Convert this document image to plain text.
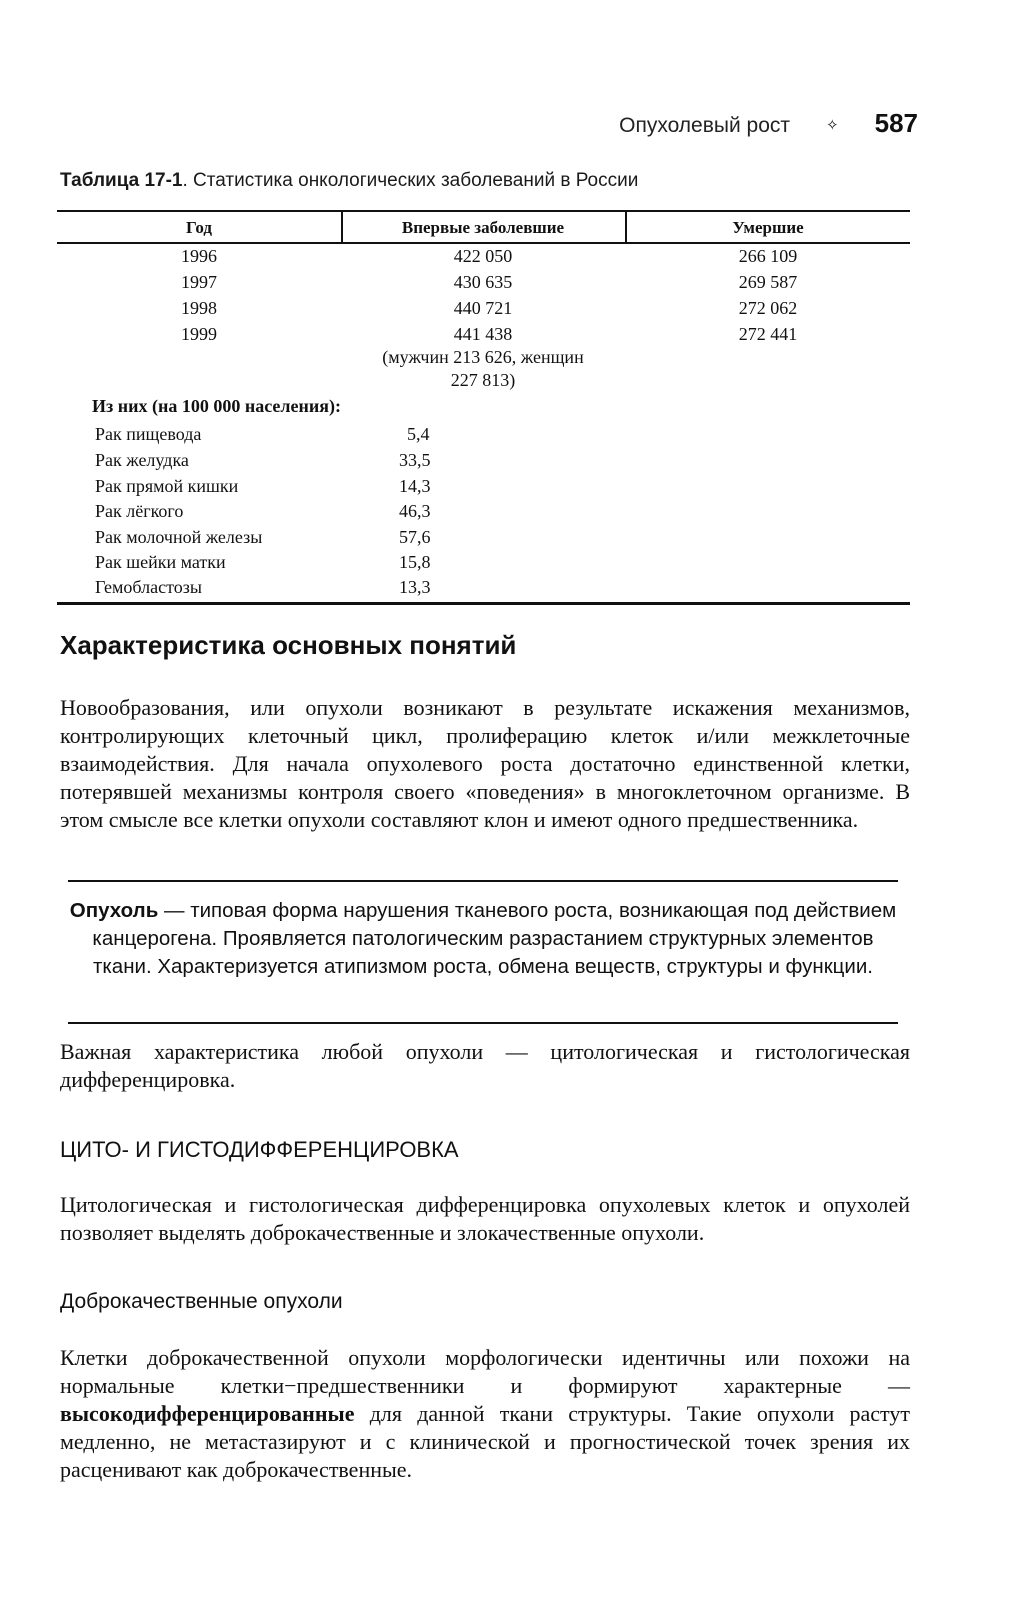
Опухолевый рост ✧ 587
Таблица 17-1. Статистика онкологических заболеваний в России
Год	Впервые заболевшие	Умершие
1996	422 050	266 109
1997	430 635	269 587
1998	440 721	272 062
1999	441 438	272 441
(мужчин 213 626, женщин
227 813)
Из них (на 100 000 населения):
Рак пищевода	5,4
Рак желудка	33,5
Рак прямой кишки	14,3
Рак лёгкого	46,3
Рак молочной железы	57,6
Рак шейки матки	15,8
Гемобластозы	13,3
Характеристика основных понятий
Новообразования, или опухоли возникают в результате искажения механизмов, контролирующих клеточный цикл, пролиферацию клеток и/или межклеточные взаимодействия. Для начала опухолевого роста достаточно единственной клетки, потерявшей механизмы контроля своего «поведения» в многоклеточном организме. В этом смысле все клетки опухоли составляют клон и имеют одного предшественника.
Опухоль — типовая форма нарушения тканевого роста, возникающая под действием канцерогена. Проявляется патологическим разрастанием структурных элементов ткани. Характеризуется атипизмом роста, обмена веществ, структуры и функции.
Важная характеристика любой опухоли — цитологическая и гистологическая дифференцировка.
ЦИТО- И ГИСТОДИФФЕРЕНЦИРОВКА
Цитологическая и гистологическая дифференцировка опухолевых клеток и опухолей позволяет выделять доброкачественные и злокачественные опухоли.
Доброкачественные опухоли
Клетки доброкачественной опухоли морфологически идентичны или похожи на нормальные клетки−предшественники и формируют характерные — высокодифференцированные для данной ткани структуры. Такие опухоли растут медленно, не метастазируют и с клинической и прогностической точек зрения их расценивают как доброкачественные.
